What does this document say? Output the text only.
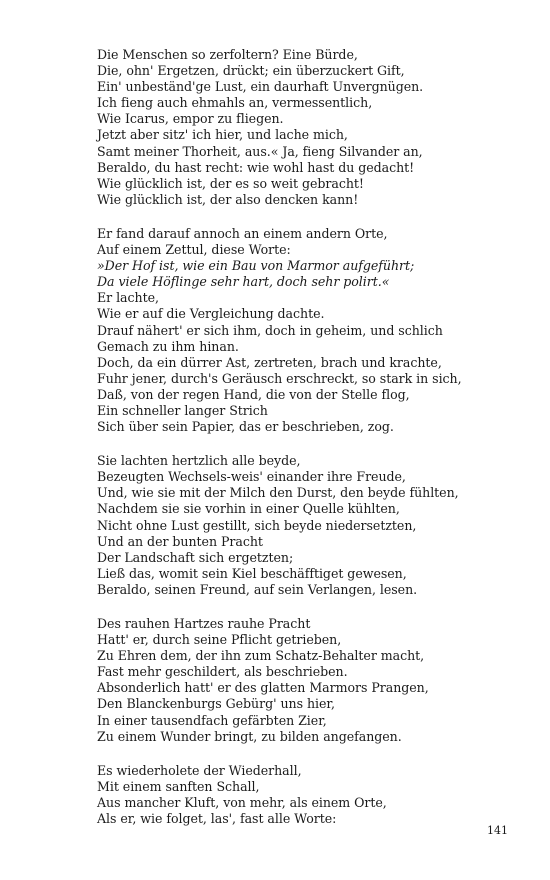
Die Menschen so zerfoltern? Eine Bürde,
Die, ohn' Ergetzen, drückt; ein überzuckert Gift,
Ein' unbeständ'ge Lust, ein daurhaft Unvergnügen.
Ich fieng auch ehmahls an, vermessentlich,
Wie Icarus, empor zu fliegen.
Jetzt aber sitz' ich hier, und lache mich,
Samt meiner Thorheit, aus.« Ja, fieng Silvander an,
Beraldo, du hast recht: wie wohl hast du gedacht!
Wie glücklich ist, der es so weit gebracht!
Wie glücklich ist, der also dencken kann!
Er fand darauf annoch an einem andern Orte,
Auf einem Zettul, diese Worte:
»Der Hof ist, wie ein Bau von Marmor aufgeführt;
Da viele Höflinge sehr hart, doch sehr polirt.«
Er lachte,
Wie er auf die Vergleichung dachte.
Drauf nähert' er sich ihm, doch in geheim, und schlich
Gemach zu ihm hinan.
Doch, da ein dürrer Ast, zertreten, brach und krachte,
Fuhr jener, durch's Geräusch erschreckt, so stark in sich,
Daß, von der regen Hand, die von der Stelle flog,
Ein schneller langer Strich
Sich über sein Papier, das er beschrieben, zog.
Sie lachten hertzlich alle beyde,
Bezeugten Wechsels-weis' einander ihre Freude,
Und, wie sie mit der Milch den Durst, den beyde fühlten,
Nachdem sie sie vorhin in einer Quelle kühlten,
Nicht ohne Lust gestillt, sich beyde niedersetzten,
Und an der bunten Pracht
Der Landschaft sich ergetzten;
Ließ das, womit sein Kiel beschäfftiget gewesen,
Beraldo, seinen Freund, auf sein Verlangen, lesen.
Des rauhen Hartzes rauhe Pracht
Hatt' er, durch seine Pflicht getrieben,
Zu Ehren dem, der ihn zum Schatz-Behalter macht,
Fast mehr geschildert, als beschrieben.
Absonderlich hatt' er des glatten Marmors Prangen,
Den Blanckenburgs Gebürg' uns hier,
In einer tausendfach gefärbten Zier,
Zu einem Wunder bringt, zu bilden angefangen.
Es wiederholete der Wiederhall,
Mit einem sanften Schall,
Aus mancher Kluft, von mehr, als einem Orte,
Als er, wie folget, las', fast alle Worte:
141
